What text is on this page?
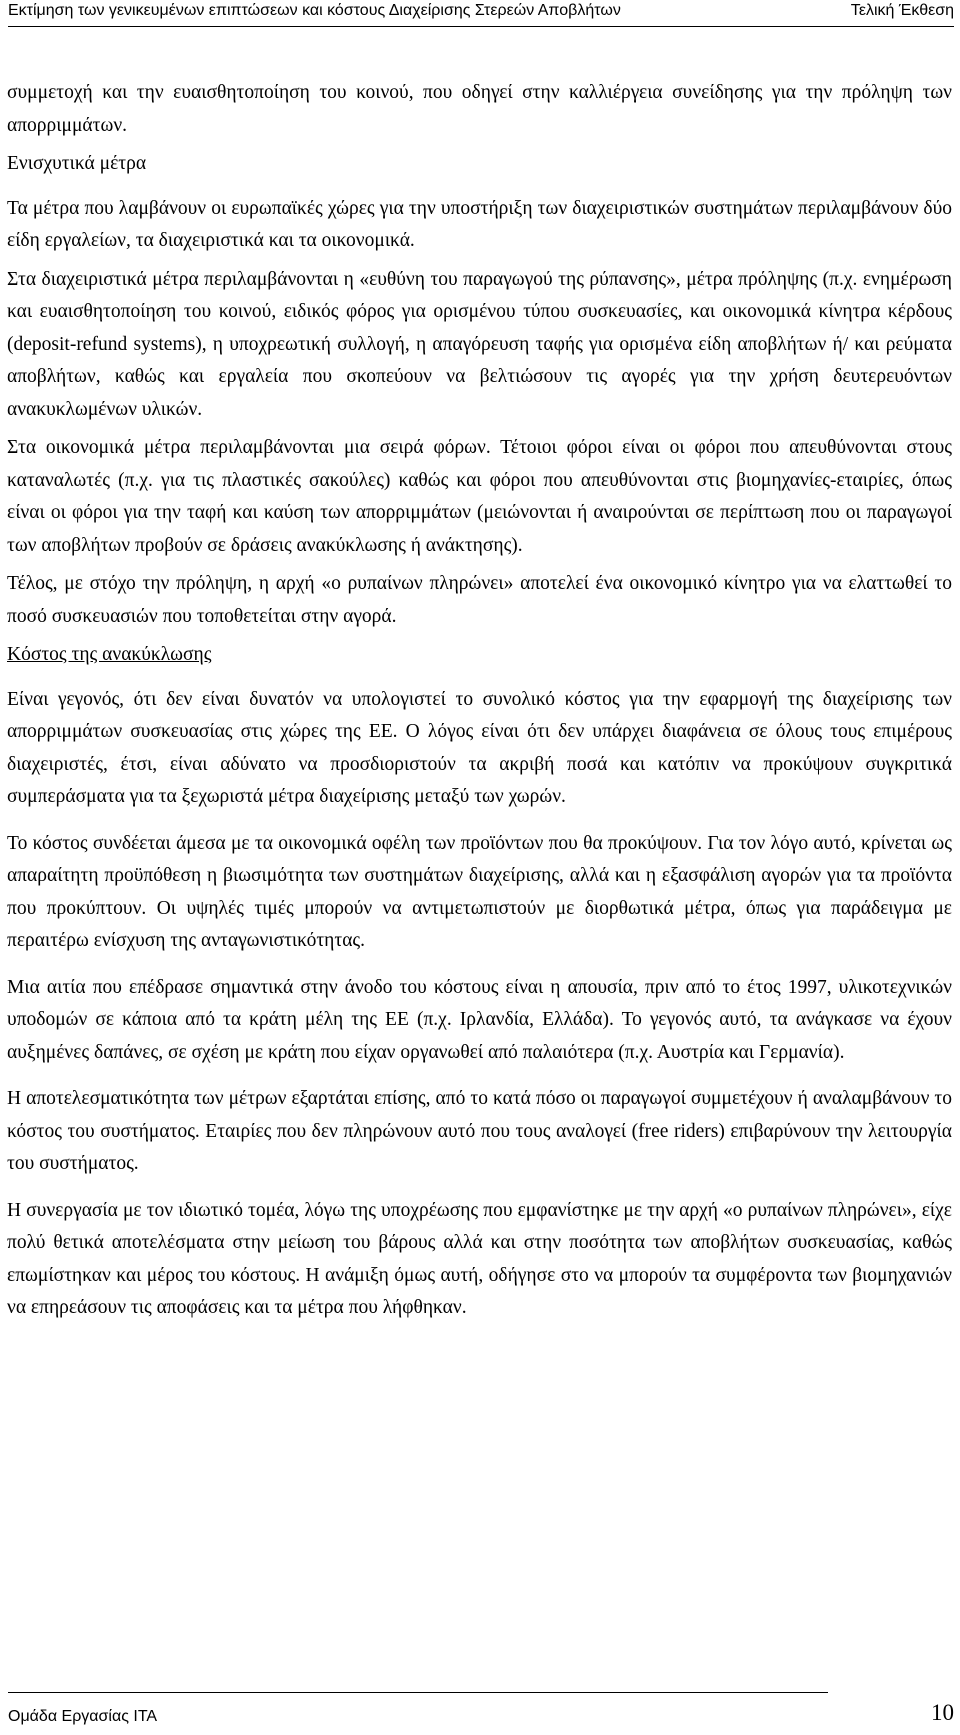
Εκτίμηση των γενικευμένων επιπτώσεων και κόστους Διαχείρισης Στερεών Αποβλήτων	Τελική Έκθεση

συμμετοχή και την ευαισθητοποίηση του κοινού, που οδηγεί στην καλλιέργεια συνείδησης για την πρόληψη των απορριμμάτων.

Ενισχυτικά μέτρα

Τα μέτρα που λαμβάνουν οι ευρωπαϊκές χώρες για την υποστήριξη των διαχειριστικών συστημάτων περιλαμβάνουν δύο είδη εργαλείων, τα διαχειριστικά και τα οικονομικά.

Στα διαχειριστικά μέτρα περιλαμβάνονται η «ευθύνη του παραγωγού της ρύπανσης», μέτρα πρόληψης (π.χ. ενημέρωση και ευαισθητοποίηση του κοινού, ειδικός φόρος για ορισμένου τύπου συσκευασίες, και οικονομικά κίνητρα κέρδους (deposit-refund systems), η υποχρεωτική συλλογή, η απαγόρευση ταφής για ορισμένα είδη αποβλήτων ή/ και ρεύματα αποβλήτων, καθώς και εργαλεία που σκοπεύουν να βελτιώσουν τις αγορές για την χρήση δευτερευόντων ανακυκλωμένων υλικών.

Στα οικονομικά μέτρα περιλαμβάνονται μια σειρά φόρων. Τέτοιοι φόροι είναι οι φόροι που απευθύνονται στους καταναλωτές (π.χ. για τις πλαστικές σακούλες) καθώς και φόροι που απευθύνονται στις βιομηχανίες-εταιρίες, όπως είναι οι φόροι για την ταφή και καύση των απορριμμάτων (μειώνονται ή αναιρούνται σε περίπτωση που οι παραγωγοί των αποβλήτων προβούν σε δράσεις ανακύκλωσης ή ανάκτησης).

Τέλος, με στόχο την πρόληψη, η αρχή «ο ρυπαίνων πληρώνει» αποτελεί ένα οικονομικό κίνητρο για να ελαττωθεί το ποσό συσκευασιών που τοποθετείται στην αγορά.

Κόστος της ανακύκλωσης

Είναι γεγονός, ότι δεν είναι δυνατόν να υπολογιστεί το συνολικό κόστος για την εφαρμογή της διαχείρισης των απορριμμάτων συσκευασίας στις χώρες της ΕΕ. Ο λόγος είναι ότι δεν υπάρχει διαφάνεια σε όλους τους επιμέρους διαχειριστές, έτσι, είναι αδύνατο να προσδιοριστούν τα ακριβή ποσά και κατόπιν να προκύψουν συγκριτικά συμπεράσματα για τα ξεχωριστά μέτρα διαχείρισης μεταξύ των χωρών.

Το κόστος συνδέεται άμεσα με τα οικονομικά οφέλη των προϊόντων που θα προκύψουν. Για τον λόγο αυτό, κρίνεται ως απαραίτητη προϋπόθεση η βιωσιμότητα των συστημάτων διαχείρισης, αλλά και η εξασφάλιση αγορών για τα προϊόντα που προκύπτουν. Οι υψηλές τιμές μπορούν να αντιμετωπιστούν με διορθωτικά μέτρα, όπως για παράδειγμα με περαιτέρω ενίσχυση της ανταγωνιστικότητας.

Μια αιτία που επέδρασε σημαντικά στην άνοδο του κόστους είναι η απουσία, πριν από το έτος 1997, υλικοτεχνικών υποδομών σε κάποια από τα κράτη μέλη της ΕΕ (π.χ. Ιρλανδία, Ελλάδα). Το γεγονός αυτό, τα ανάγκασε να έχουν αυξημένες δαπάνες, σε σχέση με κράτη που είχαν οργανωθεί από παλαιότερα (π.χ. Αυστρία και Γερμανία).

Η αποτελεσματικότητα των μέτρων εξαρτάται επίσης, από το κατά πόσο οι παραγωγοί συμμετέχουν ή αναλαμβάνουν το κόστος του συστήματος. Εταιρίες που δεν πληρώνουν αυτό που τους αναλογεί (free riders) επιβαρύνουν την λειτουργία του συστήματος.

Η συνεργασία με τον ιδιωτικό τομέα, λόγω της υποχρέωσης που εμφανίστηκε με την αρχή «ο ρυπαίνων πληρώνει», είχε πολύ θετικά αποτελέσματα στην μείωση του βάρους αλλά και στην ποσότητα των αποβλήτων συσκευασίας, καθώς επωμίστηκαν και μέρος του κόστους. Η ανάμιξη όμως αυτή, οδήγησε στο να μπορούν τα συμφέροντα των βιομηχανιών να επηρεάσουν τις αποφάσεις και τα μέτρα που λήφθηκαν.

Ομάδα Εργασίας ΙΤΑ	10
